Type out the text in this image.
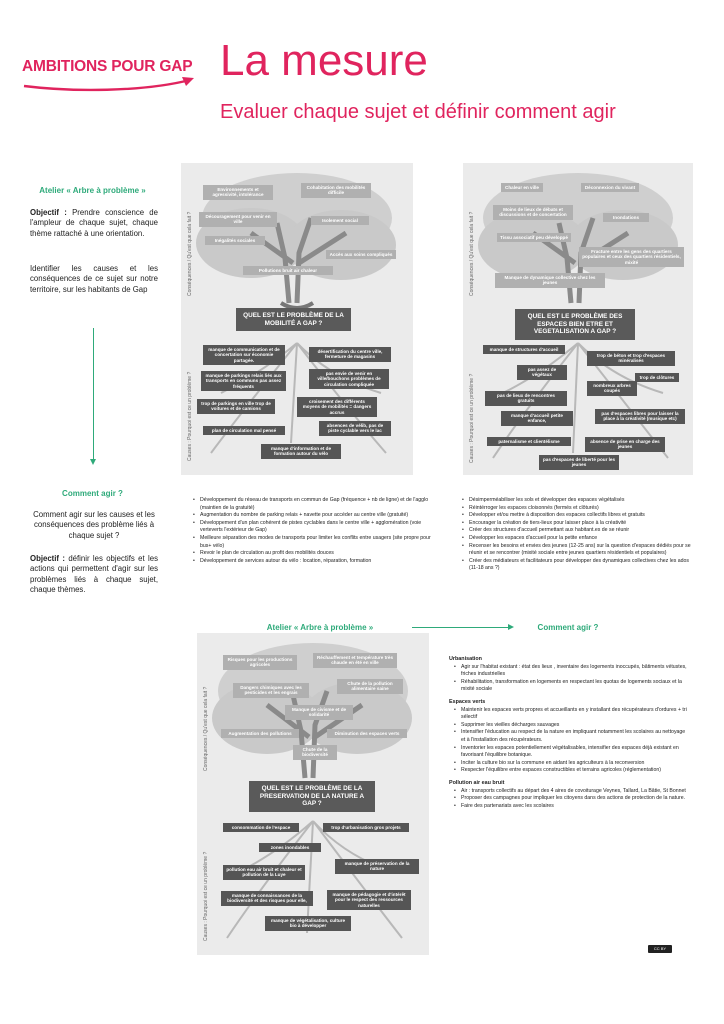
AMBITIONS POUR GAP La mesure
Evaluer chaque sujet et définir comment agir
Atelier « Arbre à problème »
Objectif : Prendre conscience de l'ampleur de chaque sujet, chaque thème rattaché à une orientation.
Identifier les causes et les conséquences de ce sujet sur notre territoire, sur les habitants de Gap
Comment agir ?
Comment agir sur les causes et les conséquences des problème liés à chaque sujet ?
Objectif : définir les objectifs et les actions qui permettent d'agir sur les problèmes liés à chaque sujet, chaque thèmes.
Conséquences / Qu'est que cela fait ?
Causes : Pourquoi est ce un problème ?
Environnements et agressivité, intolérance
Cohabitation des mobilités difficile
Découragement pour venir en ville	Isolement social
Inégalités sociales
Accès aux soins compliqués
Pollutions bruit air chaleur
QUEL EST LE PROBLÈME DE LA MOBILITÉ A GAP ?
manque de communication et de concertation sur économie partagée.
désertification du centre ville, fermeture de magasins
manque de parkings relais liés aux transports en communs pas assez fréquents
pas envie de venir en ville/bouchons problèmes de circulation compliquée
trop de parkings en ville trop de voitures et de camions
croisement des différents moyens de mobilités = dangers accrus
plan de circulation mal pensé
absences de vélib, pas de piste cyclable vers le lac
manque d'information et de formation autour du vélo
Conséquences / Qu'est que cela fait ?
Causes : Pourquoi est ce un problème ?
Chaleur en ville	Déconnexion du vivant
Moins de lieux de débats et discussions et de concertation
Inondations
Tissu associatif peu développé
Fracture entre les gens des quartiers populaires et ceux des quartiers résidentiels, mixité
Manque de dynamique collective chez les jeunes
QUEL EST LE PROBLÈME DES ESPACES BIEN ETRE ET VEGETALISATION A GAP ?
manque de structures d'accueil
trop de béton et trop d'espaces minéralisés
pas assez de végétaux
trop de clôtures
nombreux arbres coupés
pas de lieux de rencontres gratuits
manque d'accueil petite enfance,
pas d'espaces libres pour laisser la place à la créativité (musique etc)
paternalisme et clientélisme	absence de prise en charge des jeunes
pas d'espaces de liberté pour les jeunes
• Développement du réseau de transports en commun de Gap (fréquence + nb de ligne) et de l'agglo (maintien de la gratuité)
• Augmentation du nombre de parking relais + navette pour accéder au centre ville (gratuité)
• Développement d'un plan cohérent de pistes cyclables dans le centre ville + agglomération (voie verteverts l'extérieur de Gap)
• Meilleure séparation des modes de transports pour limiter les conflits entre usagers (site propre pour bus+ vélo)
• Revoir le plan de circulation au profit des mobilités douces
• Développement de services autour du vélo : location, réparation, formation
• Désimperméabiliser les sols et développer des espaces végétalisés
• Réintérroger les espaces cloisonnés (fermés et clôturés)
• Développer et/ou mettre à disposition des espaces collectifs libres et gratuits
• Encourager la création de tiers-lieux pour laisser place à la créativité
• Créer des structures d'accueil permettant aux habitant.es de se réunir
• Développer les espaces d'accueil pour la petite enfance
• Recenser les besoins et envies des jeunes (12-25 ans) sur la question d'espaces dédiés pour se réunir et se rencontrer (mixité sociale entre jeunes quartiers résidentiels et populaires)
• Créer des médiateurs et facilitateurs pour développer des dynamiques collectives chez les ados (11-18 ans ?)
Atelier « Arbre à problème »	Comment agir ?
Conséquences / Qu'est que cela fait ?
Causes : Pourquoi est ce un problème ?
Risques pour les productions agricoles
Réchauffement et température très chaude en été en ville
Dangers chimiques avec les pesticides et les engrais
Chute de la pollution alimentaire saine
Manque de civisme et de solidarité
Augmentation des pollutions	Diminution des espaces verts
Chute de la biodiversité
QUEL EST LE PROBLÈME DE LA PRESERVATION DE LA NATURE A GAP ?
consommation de l'espace	trop d'urbanisation gros projets
zones inondables
pollution eau air bruit et chaleur et pollution de la Luye
manque de préservation de la nature
manque de connaissances de la biodiversité et des risques pour elle,
manque de pédagogie et d'intérêt pour le respect des ressources naturelles
manque de végétalisation, culture bio à développer
Urbanisation
• Agir sur l'habitat existant : état des lieux , inventaire des logements inoccupés, bâtiments vétustes, friches industrielles
• Réhabilitation, transformation en logements en respectant les quotas de logements sociaux et la mixité sociale
Espaces verts
• Maintenir les espaces verts propres et accueillants en y installant des récupérateurs d'ordures + tri sélectif
• Supprimer les vieilles décharges sauvages
• Intensifier l'éducation au respect de la nature en impliquant notamment les scolaires au nettoyage et à l'installation des récupérateurs.
• Inventorier les espaces potentiellement végétalisables, intensifier des espaces déjà existant en favorisant l'équilibre botanique.
• Inciter la culture bio sur la commune en aidant les agriculteurs à la reconversion
• Respecter l'équilibre entre espaces constructibles et terrains agricoles (réglementation)
Pollution air eau bruit
• Air : transports collectifs au départ des 4 aires de covoiturage Veynes, Tallard, La Bâtie, St Bonnet
• Proposer des campagnes pour impliquer les citoyens dans des actions de protection de la nature.
• Faire des partenariats avec les scolaires
CC BY
